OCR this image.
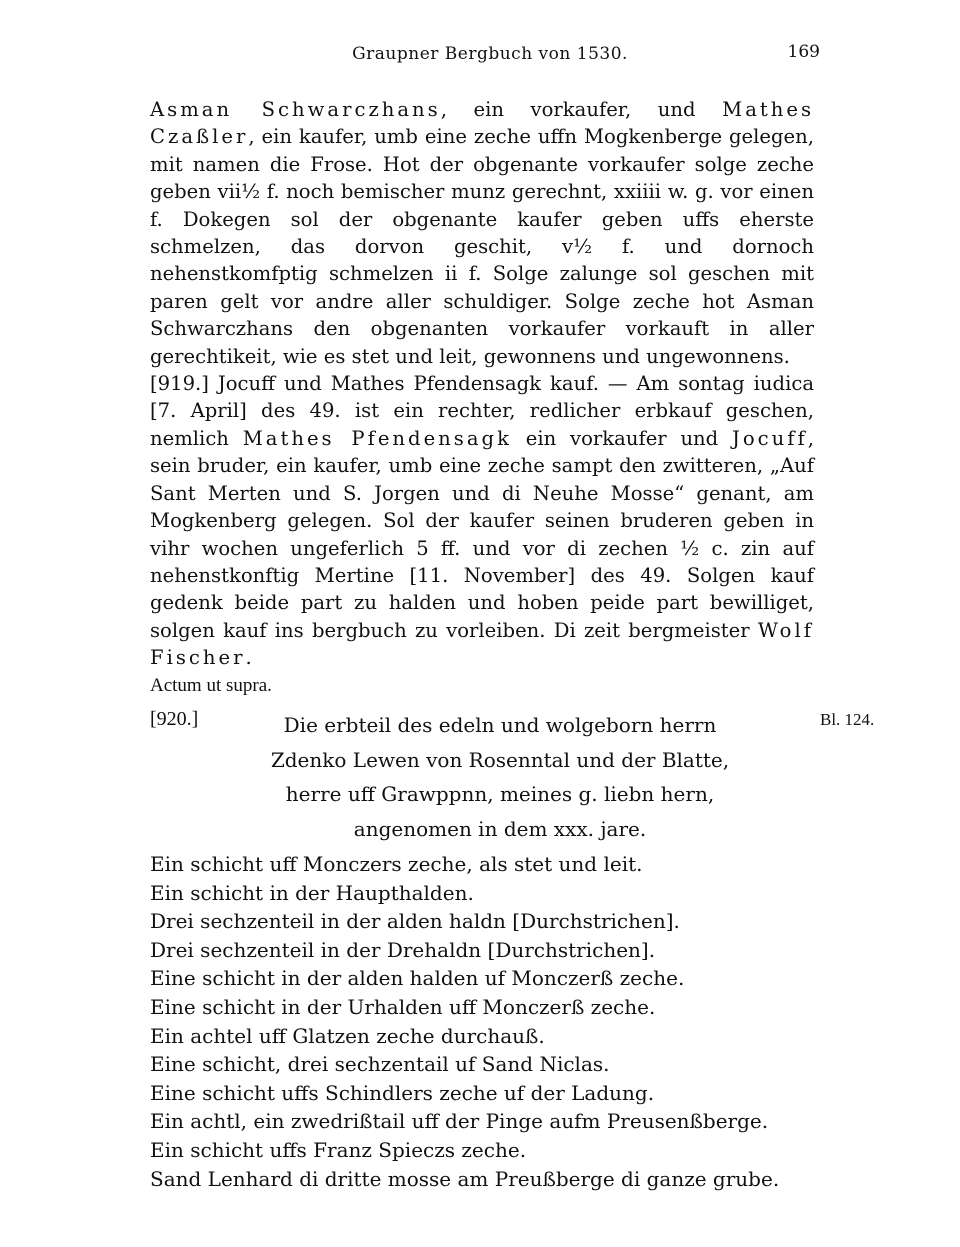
Graupner Bergbuch von 1530.	169

Asman Schwarczhans, ein vorkaufer, und Mathes Czaßler, ein kaufer, umb eine zeche uffn Mogkenberge gelegen, mit namen die Frose. Hot der obgenante vorkaufer solge zeche geben vii½ f. noch bemischer munz gerechnt, xxiiii w. g. vor einen f. Dokegen sol der obgenante kaufer geben uffs eherste schmelzen, das dorvon geschit, v½ f. und dornoch nehenstkomfptig schmelzen ii f. Solge zalunge sol geschen mit paren gelt vor andre aller schuldiger. Solge zeche hot Asman Schwarczhans den obgenanten vorkaufer vorkauft in aller gerechtikeit, wie es stet und leit, gewonnens und ungewonnens.

[919.] Jocuff und Mathes Pfendensagk kauf. — Am sontag iudica [7. April] des 49. ist ein rechter, redlicher erbkauf geschen, nemlich Mathes Pfendensagk ein vorkaufer und Jocuff, sein bruder, ein kaufer, umb eine zeche sampt den zwitteren, „Auf Sant Merten und S. Jorgen und di Neuhe Mosse“ genant, am Mogkenberg gelegen. Sol der kaufer seinen bruderen geben in vihr wochen ungeferlich 5 ff. und vor di zechen ½ c. zin auf nehenstkonftig Mertine [11. November] des 49. Solgen kauf gedenk beide part zu halden und hoben peide part bewilliget, solgen kauf ins bergbuch zu vorleiben. Di zeit bergmeister Wolf Fischer.

Actum ut supra.

[920.]	Die erbteil des edeln und wolgeborn herrn
Zdenko Lewen von Rosenntal und der Blatte,
herre uff Grawppnn, meines g. liebn hern,
angenomen in dem xxx. jare.
Bl. 124.
Ein schicht uff Monczers zeche, als stet und leit.
Ein schicht in der Haupthalden.
Drei sechzenteil in der alden haldn [Durchstrichen].
Drei sechzenteil in der Drehaldn [Durchstrichen].
Eine schicht in der alden halden uf Monczerß zeche.
Eine schicht in der Urhalden uff Monczerß zeche.
Ein achtel uff Glatzen zeche durchauß.
Eine schicht, drei sechzentail uf Sand Niclas.
Eine schicht uffs Schindlers zeche uf der Ladung.
Ein achtl, ein zwedrißtail uff der Pinge aufm Preusenßberge.
Ein schicht uffs Franz Spieczs zeche.
Sand Lenhard di dritte mosse am Preußberge di ganze grube.
